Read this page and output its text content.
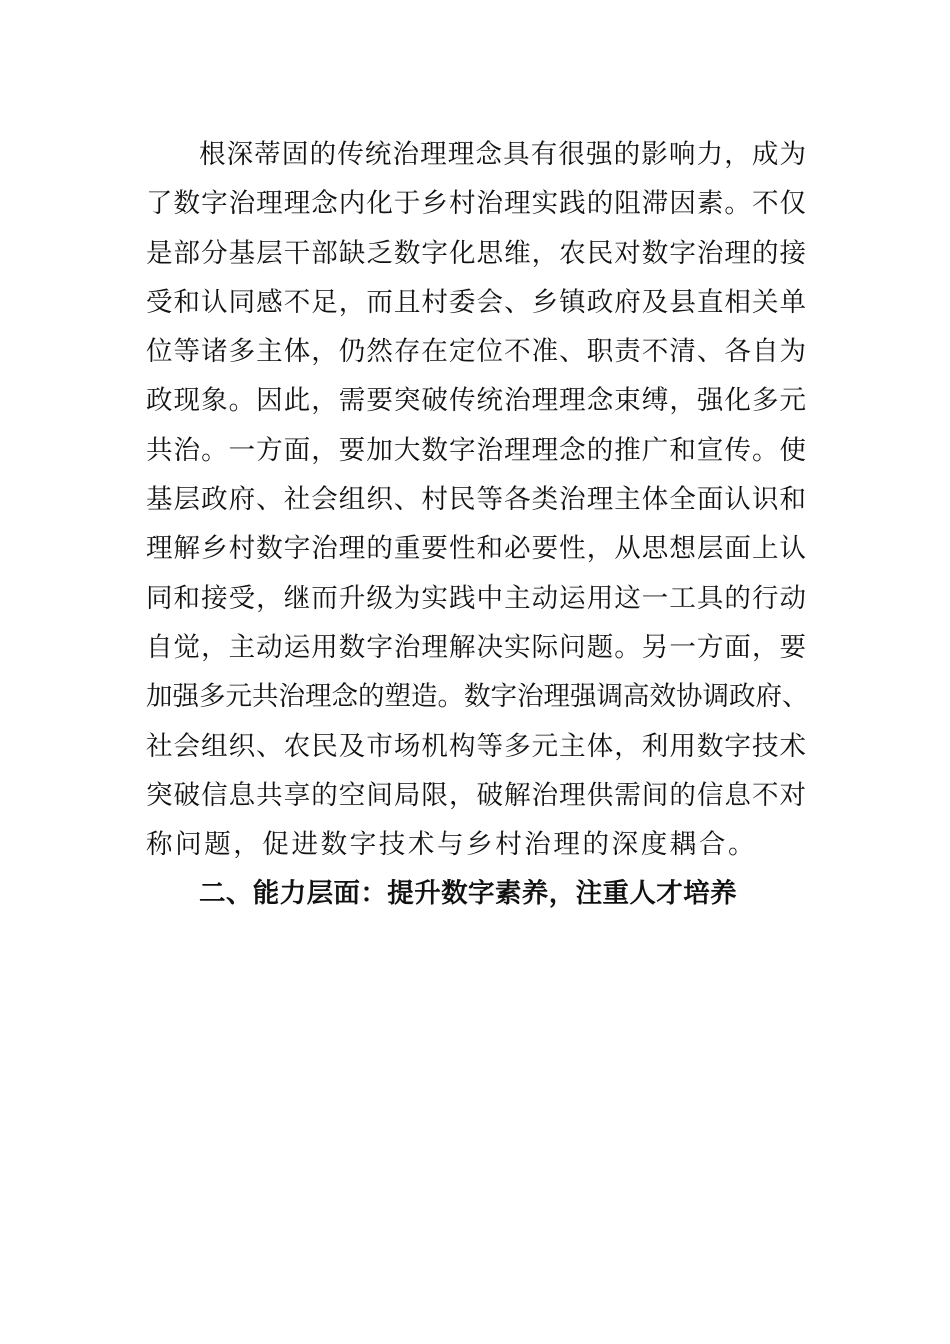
根深蒂固的传统治理理念具有很强的影响力，成为
了数字治理理念内化于乡村治理实践的阻滞因素。不仅
是部分基层干部缺乏数字化思维，农民对数字治理的接
受和认同感不足，而且村委会、乡镇政府及县直相关单
位等诸多主体，仍然存在定位不准、职责不清、各自为
政现象。因此，需要突破传统治理理念束缚，强化多元
共治。一方面，要加大数字治理理念的推广和宣传。使
基层政府、社会组织、村民等各类治理主体全面认识和
理解乡村数字治理的重要性和必要性，从思想层面上认
同和接受，继而升级为实践中主动运用这一工具的行动
自觉，主动运用数字治理解决实际问题。另一方面，要
加强多元共治理念的塑造。数字治理强调高效协调政府、
社会组织、农民及市场机构等多元主体，利用数字技术
突破信息共享的空间局限，破解治理供需间的信息不对
称问题，促进数字技术与乡村治理的深度耦合。
二、能力层面：提升数字素养，注重人才培养
